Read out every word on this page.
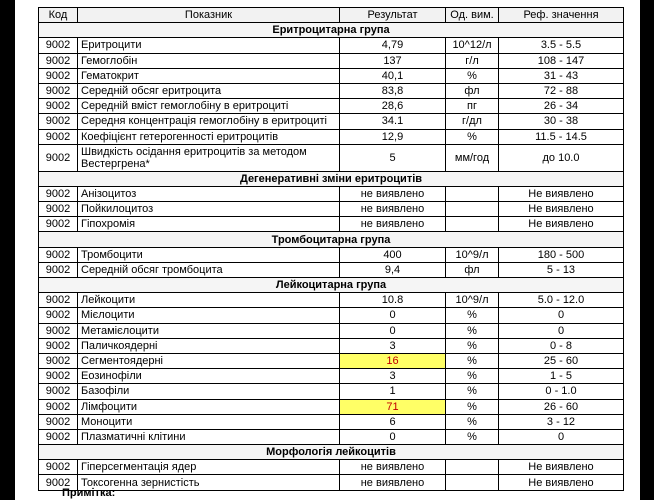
Код	Показник	Результат	Од. вим.	Реф. значення
Еритроцитарна група				
9002	Еритроцити	4,79	10^12/л	3.5 - 5.5
9002	Гемоглобін	137	г/л	108 - 147
9002	Гематокрит	40,1	%	31 - 43
9002	Середній обсяг еритроцита	83,8	фл	72 - 88
9002	Середній вміст гемоглобіну в еритроциті	28,6	пг	26 - 34
9002	Середня концентрація гемоглобіну в еритроциті	34.1	г/дл	30 - 38
9002	Коефіцієнт гетерогенності еритроцитів	12,9	%	11.5 - 14.5
9002	Швидкість осідання еритроцитів за методом Вестергрена*	5	мм/год	до 10.0
Дегенеративні зміни еритроцитів				
9002	Анізоцитоз	не виявлено		Не виявлено
9002	Пойкилоцитоз	не виявлено		Не виявлено
9002	Гіпохромія	не виявлено		Не виявлено
Тромбоцитарна група				
9002	Тромбоцити	400	10^9/л	180 - 500
9002	Середній обсяг тромбоцита	9,4	фл	5 - 13
Лейкоцитарна група				
9002	Лейкоцити	10.8	10^9/л	5.0 - 12.0
9002	Мієлоцити	0	%	0
9002	Метамієлоцити	0	%	0
9002	Паличкоядерні	3	%	0 - 8
9002	Сегментоядерні	16	%	25 - 60
9002	Еозинофіли	3	%	1 - 5
9002	Базофіли	1	%	0 - 1.0
9002	Лімфоцити	71	%	26 - 60
9002	Моноцити	6	%	3 - 12
9002	Плазматичні клітини	0	%	0
Морфологія лейкоцитів				
9002	Гіперсегментація ядер	не виявлено		Не виявлено
9002	Токсогенна зернистість	не виявлено		Не виявлено
Примітка:
